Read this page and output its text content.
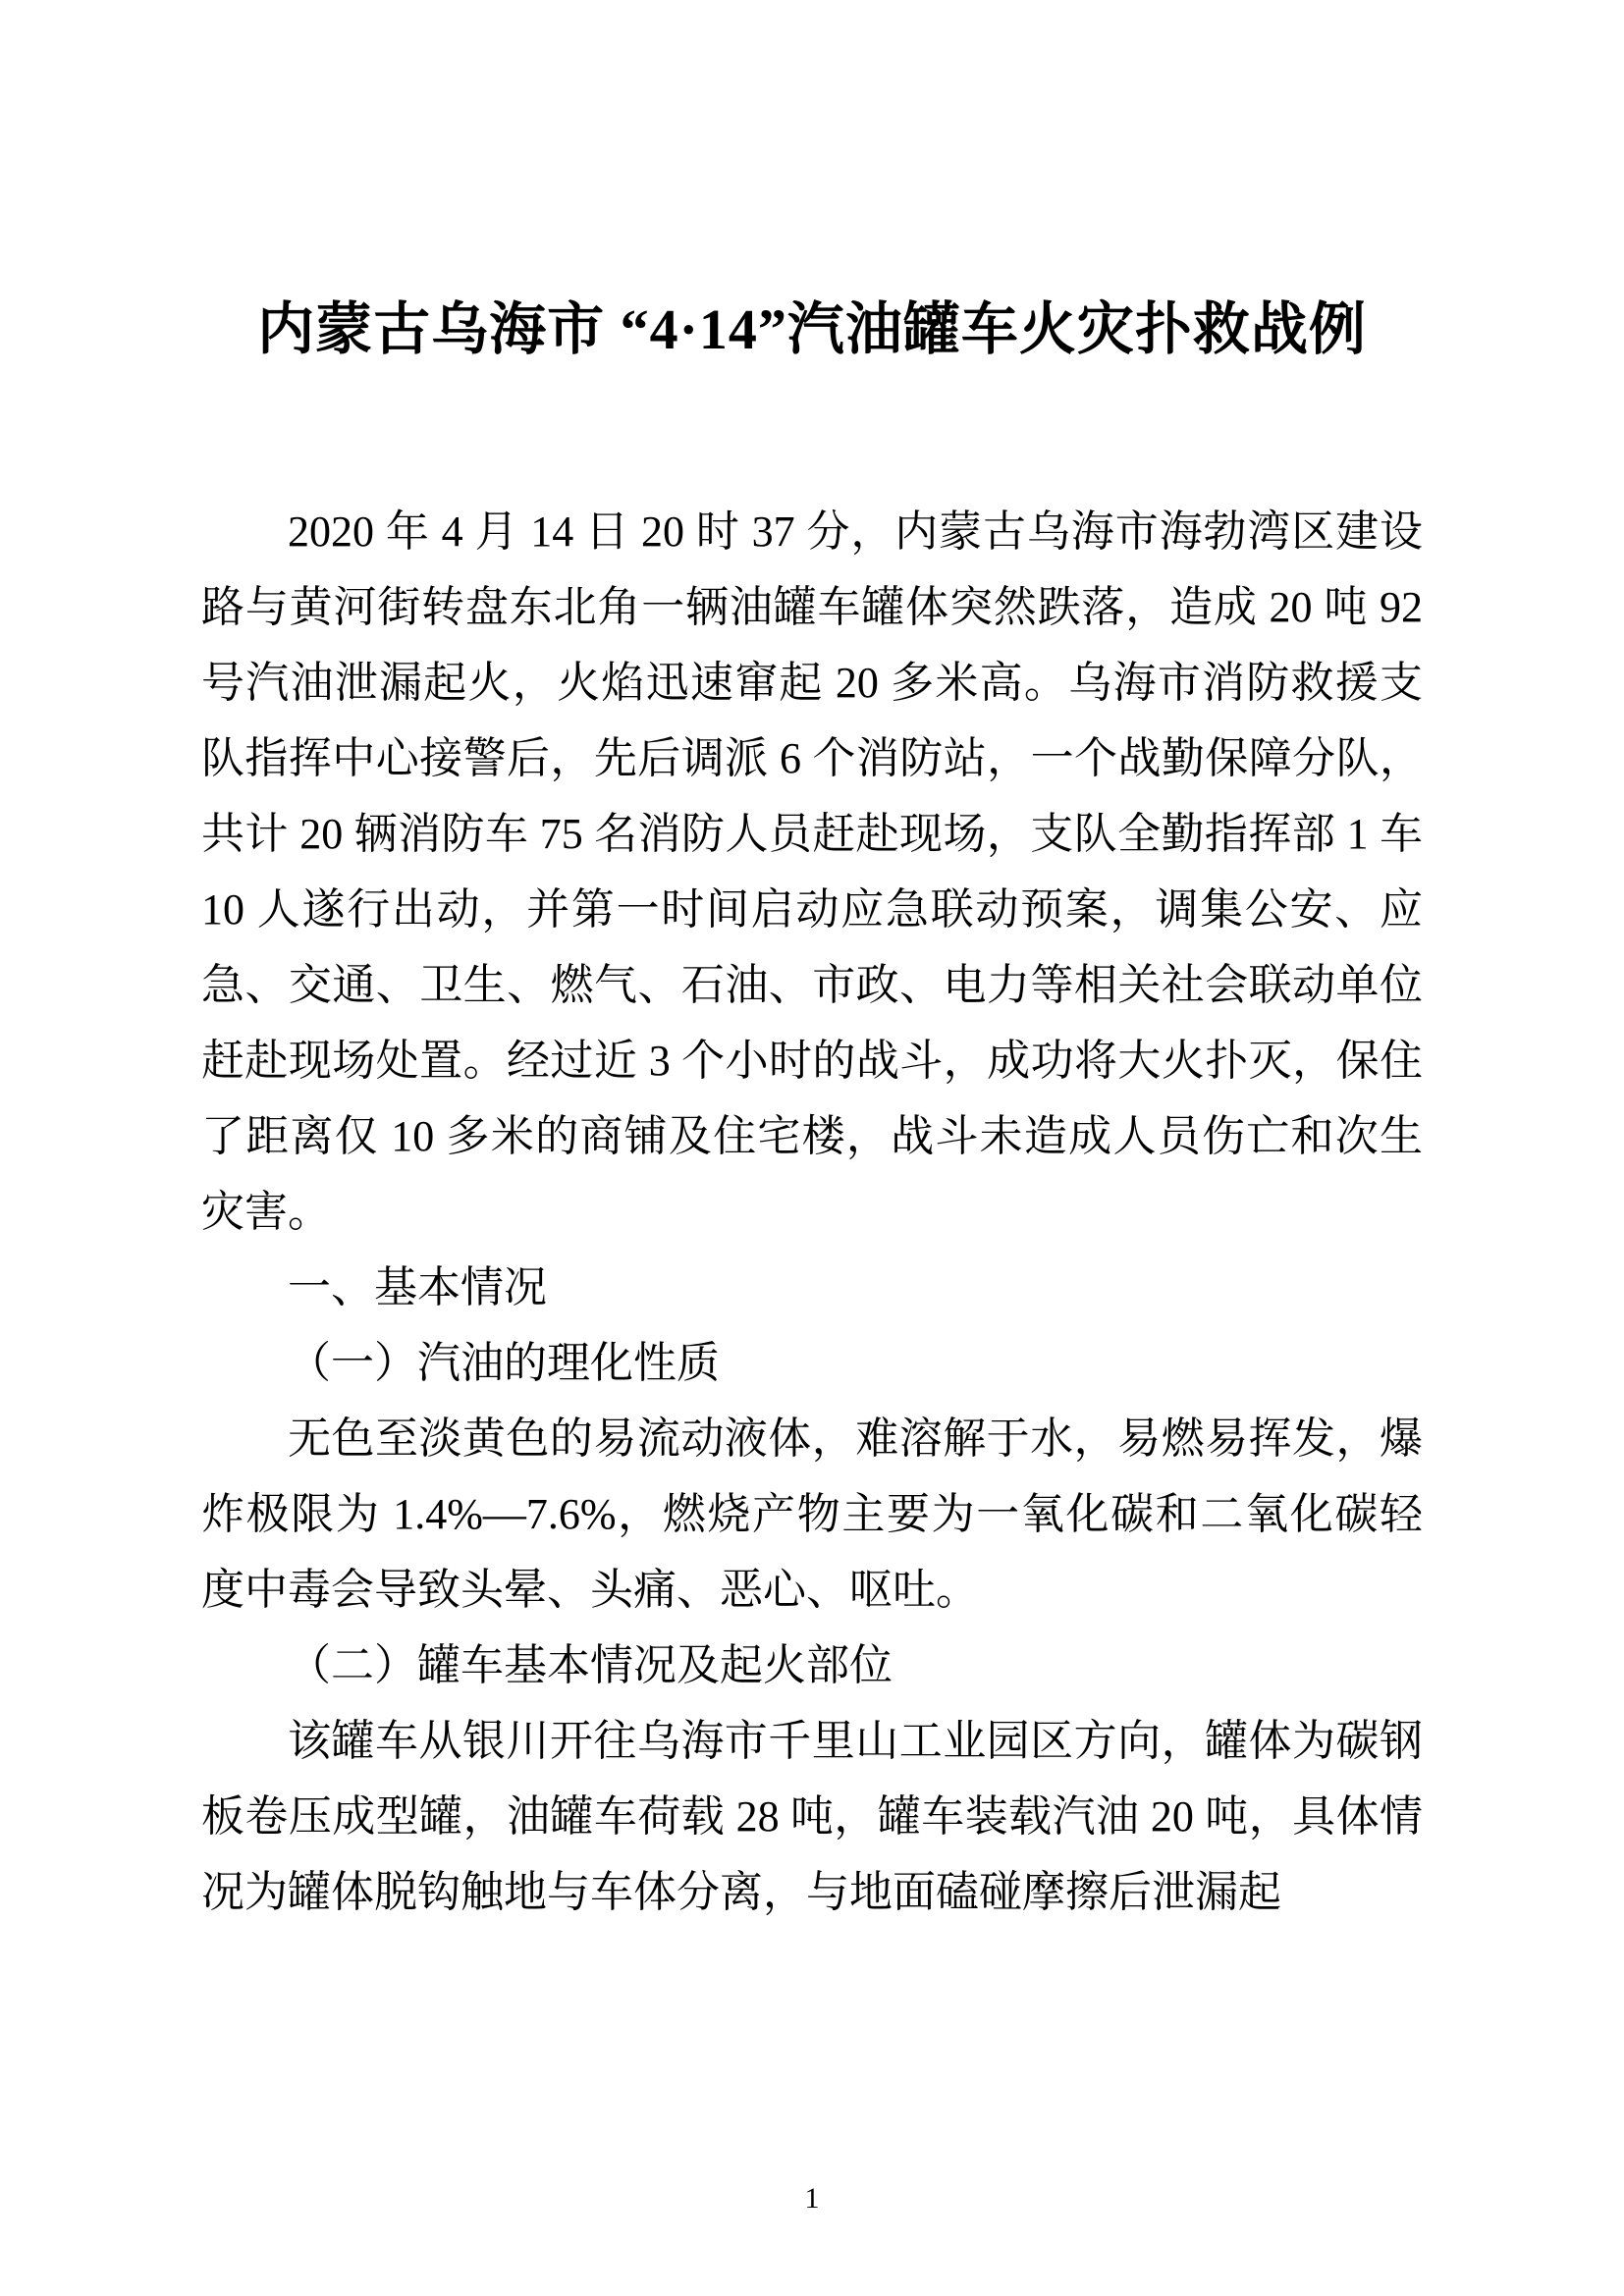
内蒙古乌海市 “4·14”汽油罐车火灾扑救战例

2020 年 4 月 14 日 20 时 37 分，内蒙古乌海市海勃湾区建设路与黄河街转盘东北角一辆油罐车罐体突然跌落，造成 20 吨 92 号汽油泄漏起火，火焰迅速窜起 20 多米高。乌海市消防救援支队指挥中心接警后，先后调派 6 个消防站，一个战勤保障分队，共计 20 辆消防车 75 名消防人员赶赴现场，支队全勤指挥部 1 车 10 人遂行出动，并第一时间启动应急联动预案，调集公安、应急、交通、卫生、燃气、石油、市政、电力等相关社会联动单位赶赴现场处置。经过近 3 个小时的战斗，成功将大火扑灭，保住了距离仅 10 多米的商铺及住宅楼，战斗未造成人员伤亡和次生灾害。

一、基本情况

（一）汽油的理化性质

无色至淡黄色的易流动液体，难溶解于水，易燃易挥发，爆炸极限为 1.4%—7.6%，燃烧产物主要为一氧化碳和二氧化碳轻度中毒会导致头晕、头痛、恶心、呕吐。

（二）罐车基本情况及起火部位

该罐车从银川开往乌海市千里山工业园区方向，罐体为碳钢板卷压成型罐，油罐车荷载 28 吨，罐车装载汽油 20 吨，具体情况为罐体脱钩触地与车体分离，与地面磕碰摩擦后泄漏起

1
